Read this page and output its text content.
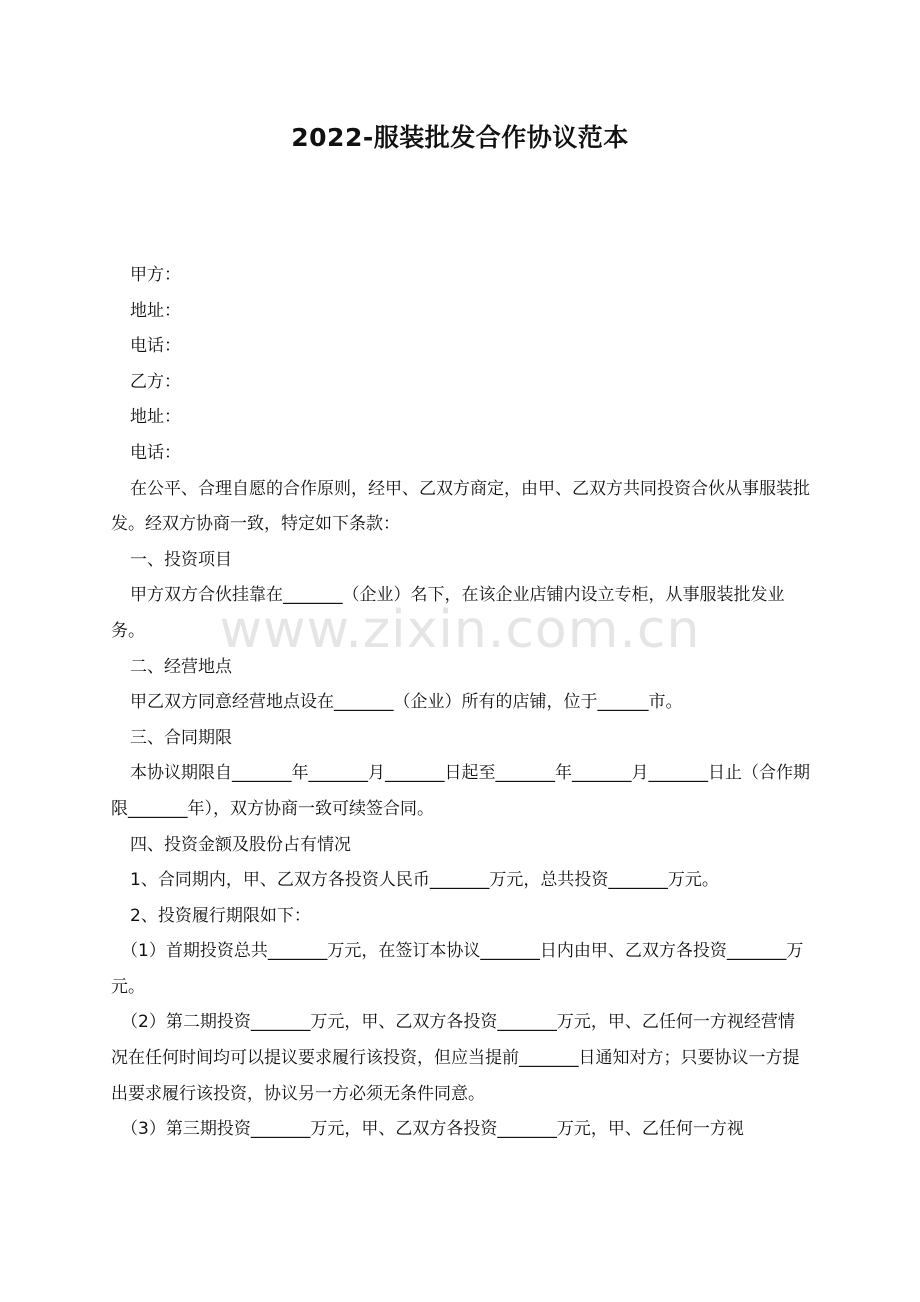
2022-服装批发合作协议范本

甲方：

地址：

电话：

乙方：

地址：

电话：

在公平、合理自愿的合作原则，经甲、乙双方商定，由甲、乙双方共同投资合伙从事服装批发。经双方协商一致，特定如下条款：

一、投资项目

甲方双方合伙挂靠在_______（企业）名下，在该企业店铺内设立专柜，从事服装批发业务。

二、经营地点

甲乙双方同意经营地点设在_______（企业）所有的店铺，位于______市。

三、合同期限

本协议期限自_______年_______月_______日起至_______年_______月_______日止（合作期限_______年），双方协商一致可续签合同。

四、投资金额及股份占有情况

1、合同期内，甲、乙双方各投资人民币_______万元，总共投资_______万元。

2、投资履行期限如下：

（1）首期投资总共_______万元，在签订本协议_______日内由甲、乙双方各投资_______万元。

（2）第二期投资_______万元，甲、乙双方各投资_______万元，甲、乙任何一方视经营情况在任何时间均可以提议要求履行该投资，但应当提前_______日通知对方；只要协议一方提出要求履行该投资，协议另一方必须无条件同意。

（3）第三期投资_______万元，甲、乙双方各投资_______万元，甲、乙任何一方视

www.zixin.com.cn
